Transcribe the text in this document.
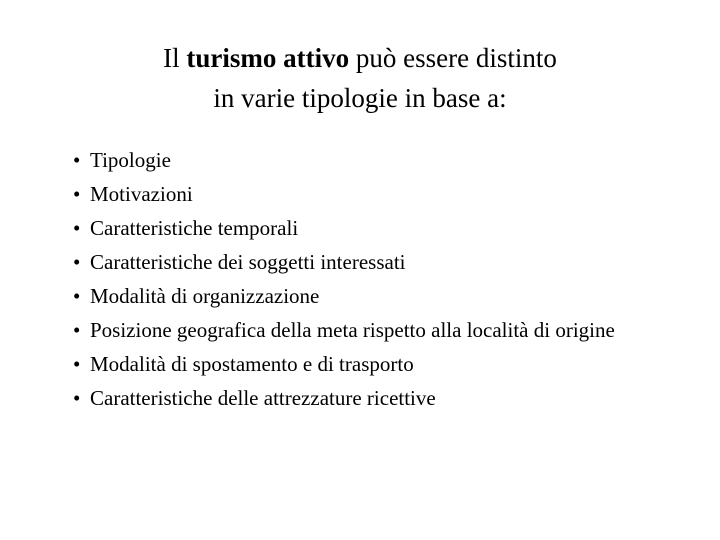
Il turismo attivo può essere distinto
in varie tipologie in base a:
• Tipologie
• Motivazioni
• Caratteristiche temporali
• Caratteristiche dei soggetti interessati
• Modalità di organizzazione
• Posizione geografica della meta rispetto alla località di origine
• Modalità di spostamento e di trasporto
• Caratteristiche delle attrezzature ricettive
